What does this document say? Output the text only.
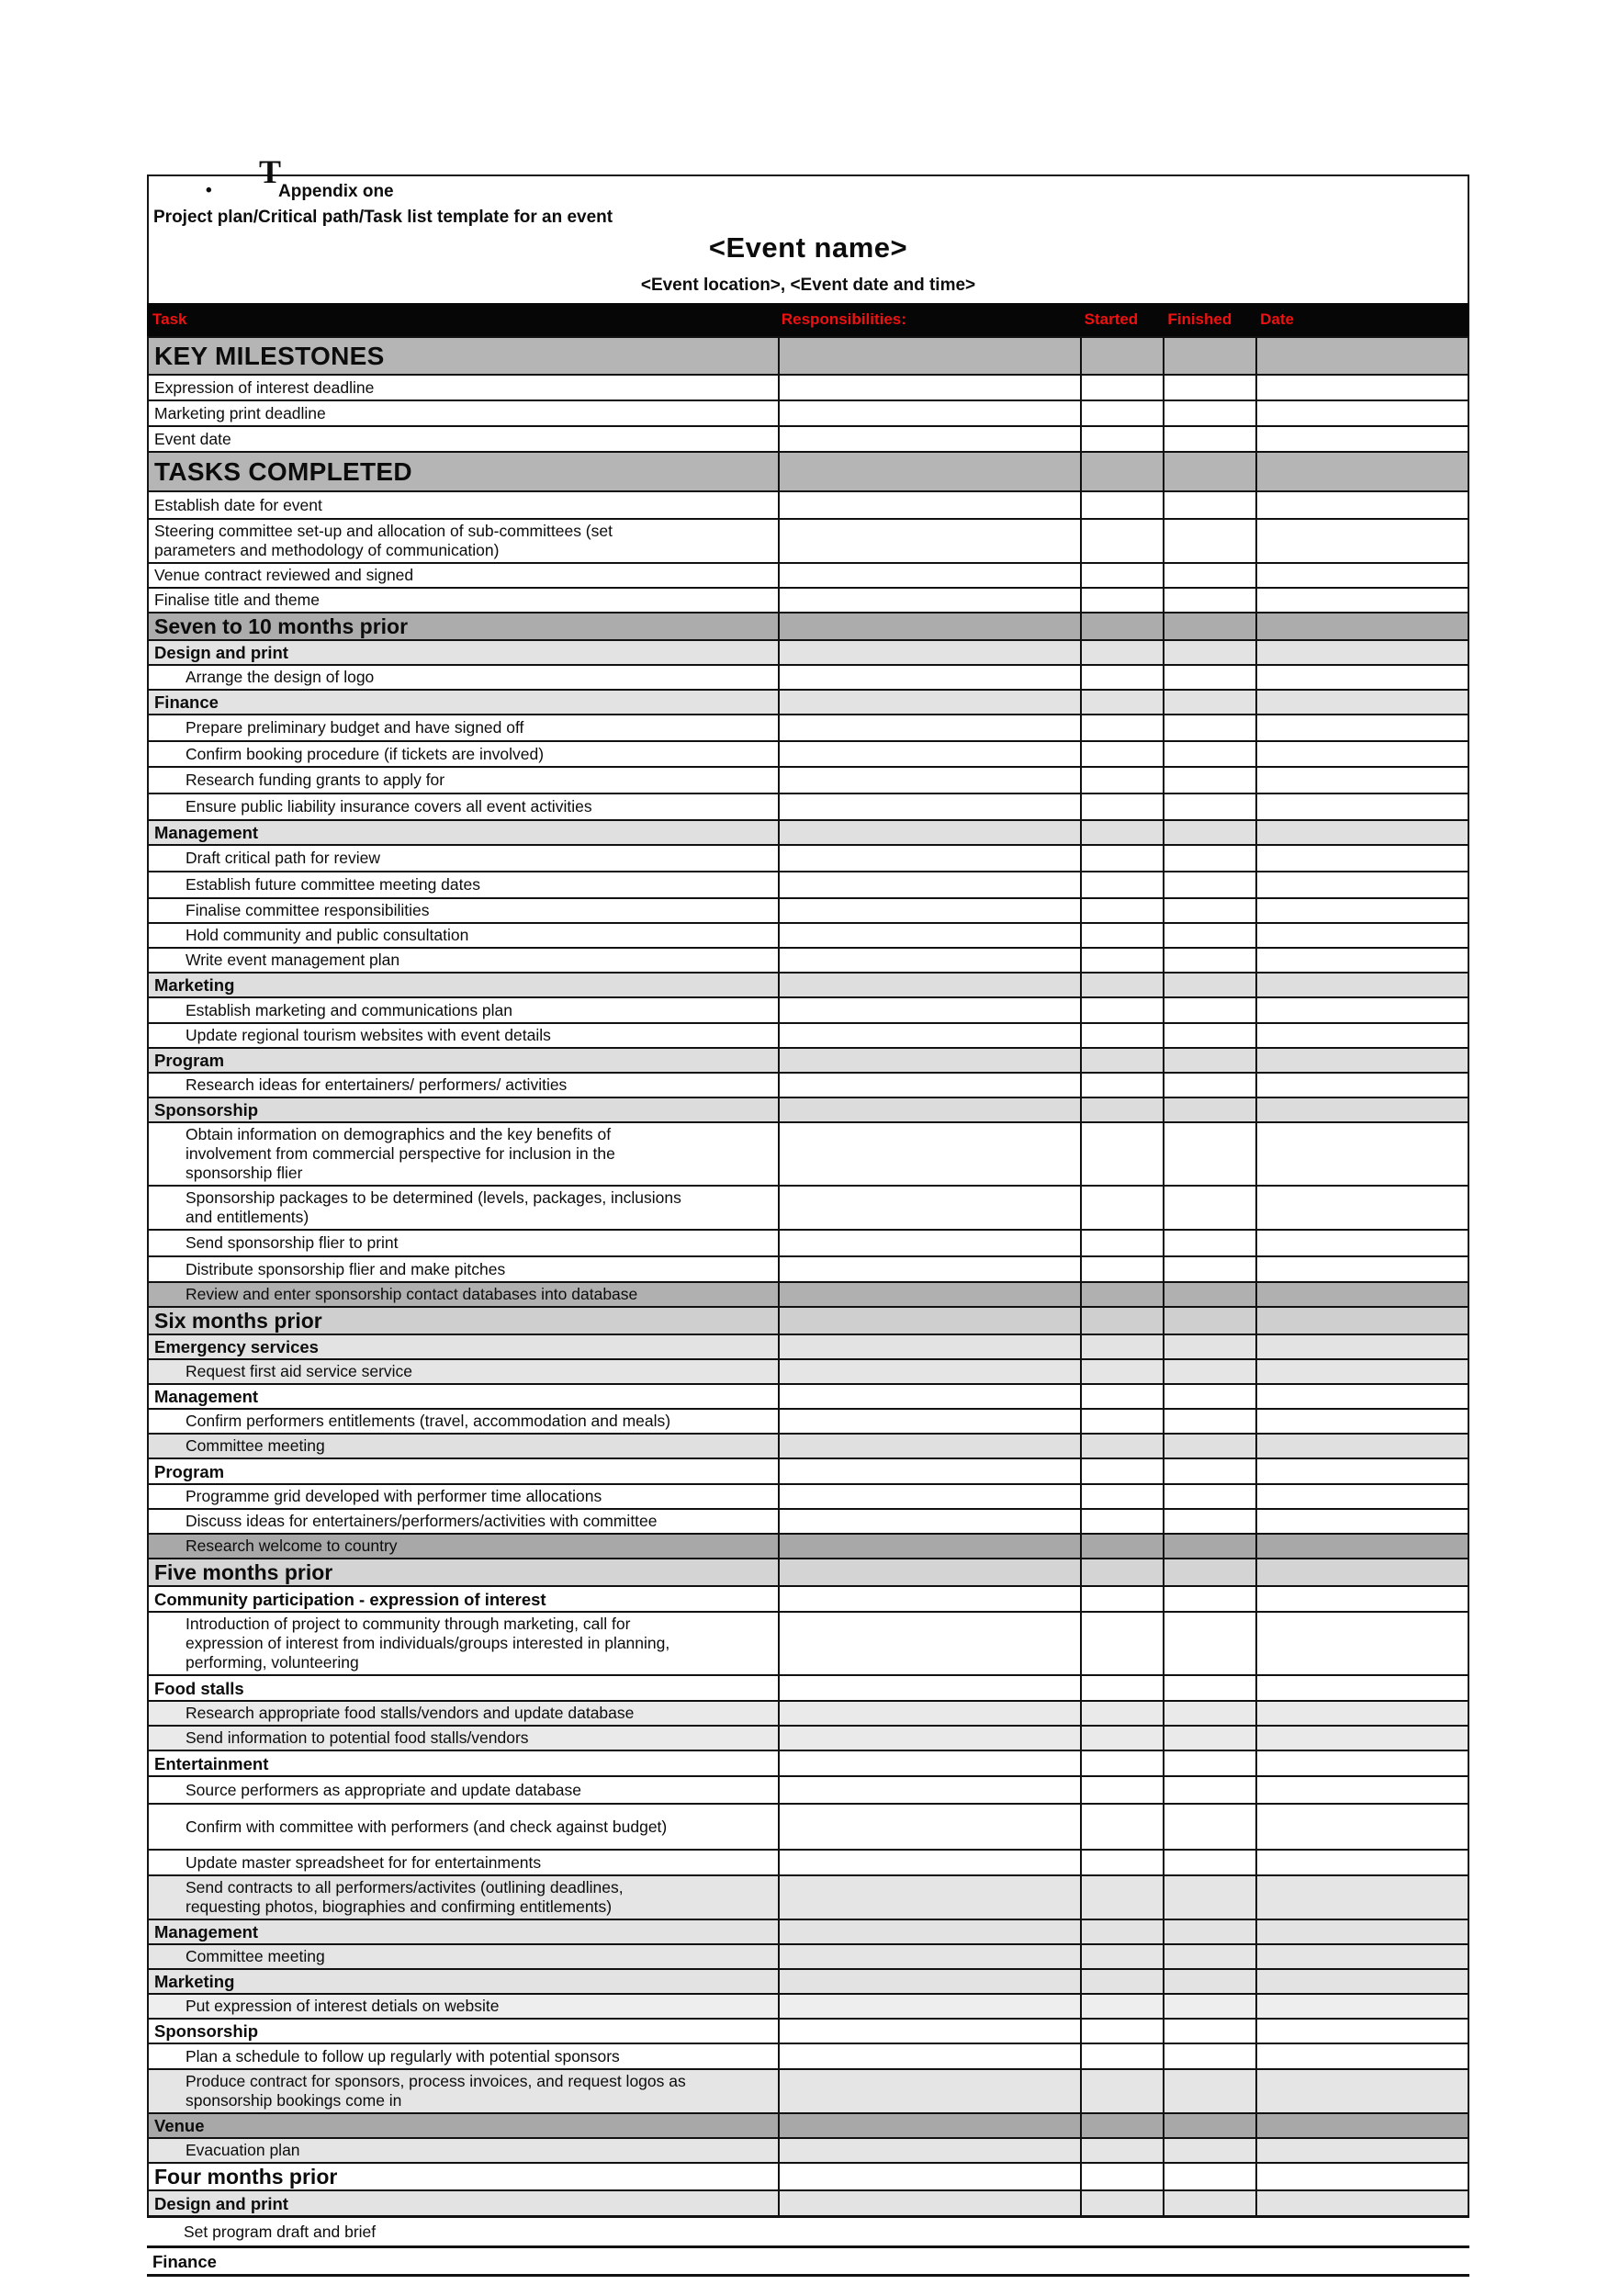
•
T
Appendix one
Project plan/Critical path/Task list template for an event
<Event name>
<Event location>, <Event date and time>
Task	Responsibilities:	Started	Finished	Date
KEY MILESTONES
Expression of interest deadline
Marketing print deadline
Event date
TASKS COMPLETED
Establish date for event
Steering committee set-up and allocation of sub-committees (set parameters and methodology of communication)
Venue contract reviewed and signed
Finalise title and theme
Seven to 10 months prior
Design and print
Arrange the design of logo
Finance
Prepare preliminary budget and have signed off
Confirm booking procedure (if tickets are involved)
Research funding grants to apply for
Ensure public liability insurance covers all event activities
Management
Draft critical path for review
Establish future committee meeting dates
Finalise committee responsibilities
Hold community and public consultation
Write event management plan
Marketing
Establish marketing and communications plan
Update regional tourism websites with event details
Program
Research ideas for entertainers/ performers/ activities
Sponsorship
Obtain information on demographics and the key benefits of involvement from commercial perspective for inclusion in the sponsorship flier
Sponsorship packages to be determined (levels, packages, inclusions and entitlements)
Send sponsorship flier to print
Distribute sponsorship flier and make pitches
Review and enter sponsorship contact databases into database
Six months prior
Emergency services
Request first aid service service
Management
Confirm performers entitlements (travel, accommodation and meals)
Committee meeting
Program
Programme grid developed with performer time allocations
Discuss ideas for entertainers/performers/activities with committee
Research welcome to country
Five months prior
Community participation - expression of interest
Introduction of project to community through marketing, call for expression of interest from individuals/groups interested in planning, performing, volunteering
Food stalls
Research appropriate food stalls/vendors and update database
Send information to potential food stalls/vendors
Entertainment
Source performers as appropriate and update database
Confirm with committee with performers (and check against budget)
Update master spreadsheet for for entertainments
Send contracts to all performers/activites (outlining deadlines, requesting photos, biographies and confirming entitlements)
Management
Committee meeting
Marketing
Put expression of interest detials on website
Sponsorship
Plan a schedule to follow up regularly with potential sponsors
Produce contract for sponsors, process invoices, and request logos as sponsorship bookings come in
Venue
Evacuation plan
Four months prior
Design and print
Set program draft and brief
Finance
